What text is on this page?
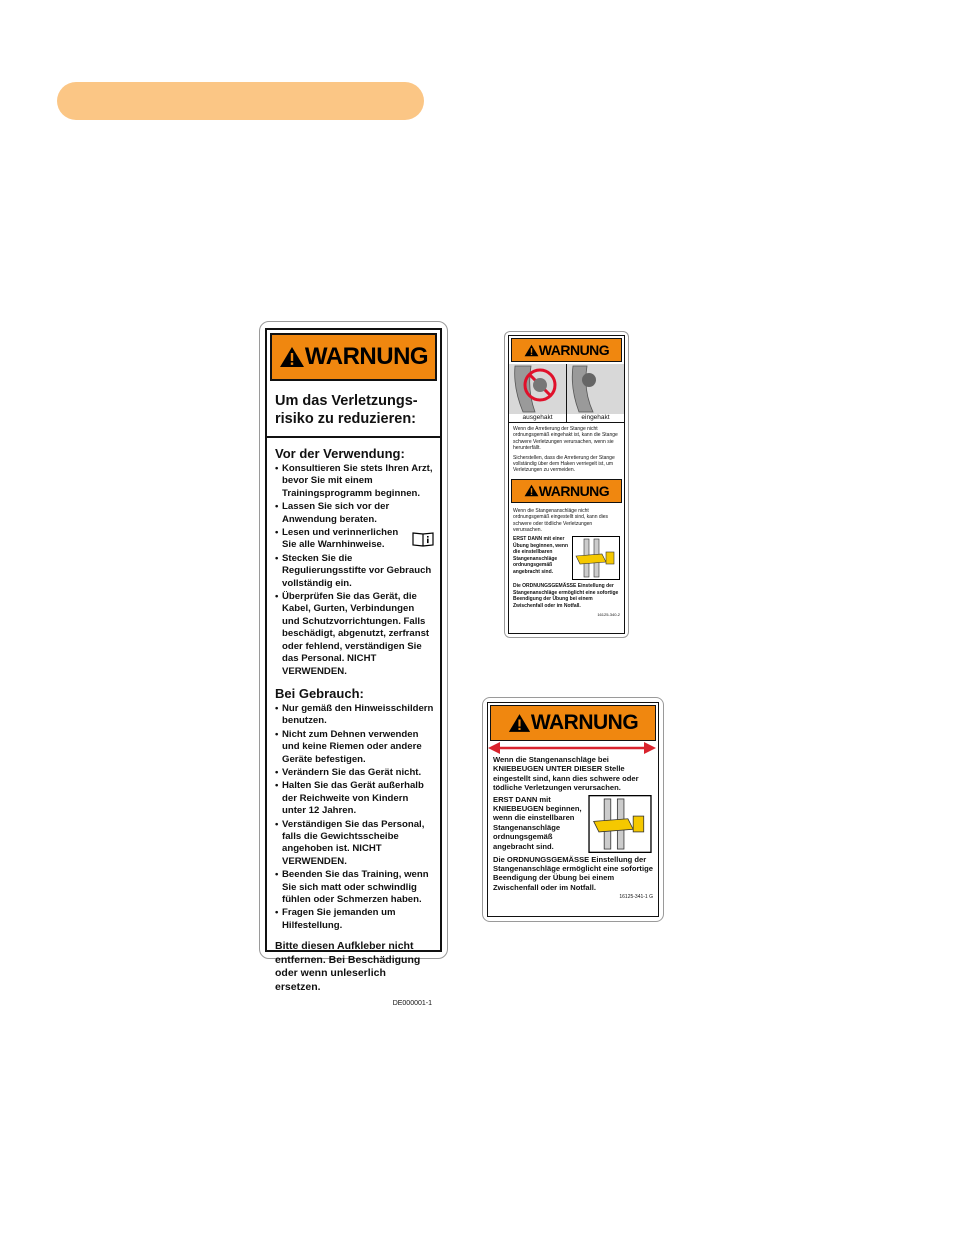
WARNUNG
Um das Verletzungs-risiko zu reduzieren:
Vor der Verwendung:
• Konsultieren Sie stets Ihren Arzt, bevor Sie mit einem Trainingsprogramm beginnen.
• Lassen Sie sich vor der Anwendung beraten.
• Lesen und verinnerlichen Sie alle Warnhinweise.
• Stecken Sie die Regulierungsstifte vor Gebrauch vollständig ein.
• Überprüfen Sie das Gerät, die Kabel, Gurten, Verbindungen und Schutzvorrichtungen. Falls beschädigt, abgenutzt, zerfranst oder fehlend, verständigen Sie das Personal. NICHT VERWENDEN.
Bei Gebrauch:
• Nur gemäß den Hinweisschildern benutzen.
• Nicht zum Dehnen verwenden und keine Riemen oder andere Geräte befestigen.
• Verändern Sie das Gerät nicht.
• Halten Sie das Gerät außerhalb der Reichweite von Kindern unter 12 Jahren.
• Verständigen Sie das Personal, falls die Gewichtsscheibe angehoben ist. NICHT VERWENDEN.
• Beenden Sie das Training, wenn Sie sich matt oder schwindlig fühlen oder Schmerzen haben.
• Fragen Sie jemanden um Hilfestellung.
Bitte diesen Aufkleber nicht entfernen. Bei Beschädigung oder wenn unleserlich ersetzen.
DE000001-1
WARNUNG
ausgehakt	eingehakt
Wenn die Arretierung der Stange nicht ordnungsgemäß eingehakt ist, kann die Stange schwere Verletzungen verursachen, wenn sie herunterfällt.
Sicherstellen, dass die Arretierung der Stange vollständig über dem Haken verriegelt ist, um Verletzungen zu vermeiden.
WARNUNG
Wenn die Stangenanschläge nicht ordnungsgemäß eingestellt sind, kann dies schwere oder tödliche Verletzungen verursachen.
ERST DANN mit einer Übung beginnen, wenn die einstellbaren Stangenanschläge ordnungsgemäß angebracht sind.
Die ORDNUNGSGEMÄSSE Einstellung der Stangenanschläge ermöglicht eine sofortige Beendigung der Übung bei einem Zwischenfall oder im Notfall.
16125-340-2
WARNUNG
Wenn die Stangenanschläge bei KNIEBEUGEN UNTER DIESER Stelle eingestellt sind, kann dies schwere oder tödliche Verletzungen verursachen.
ERST DANN mit KNIEBEUGEN beginnen, wenn die einstellbaren Stangenanschläge ordnungsgemäß angebracht sind.
Die ORDNUNGSGEMÄSSE Einstellung der Stangenanschläge ermöglicht eine sofortige Beendigung der Übung bei einem Zwischenfall oder im Notfall.
16125-341-1 G
